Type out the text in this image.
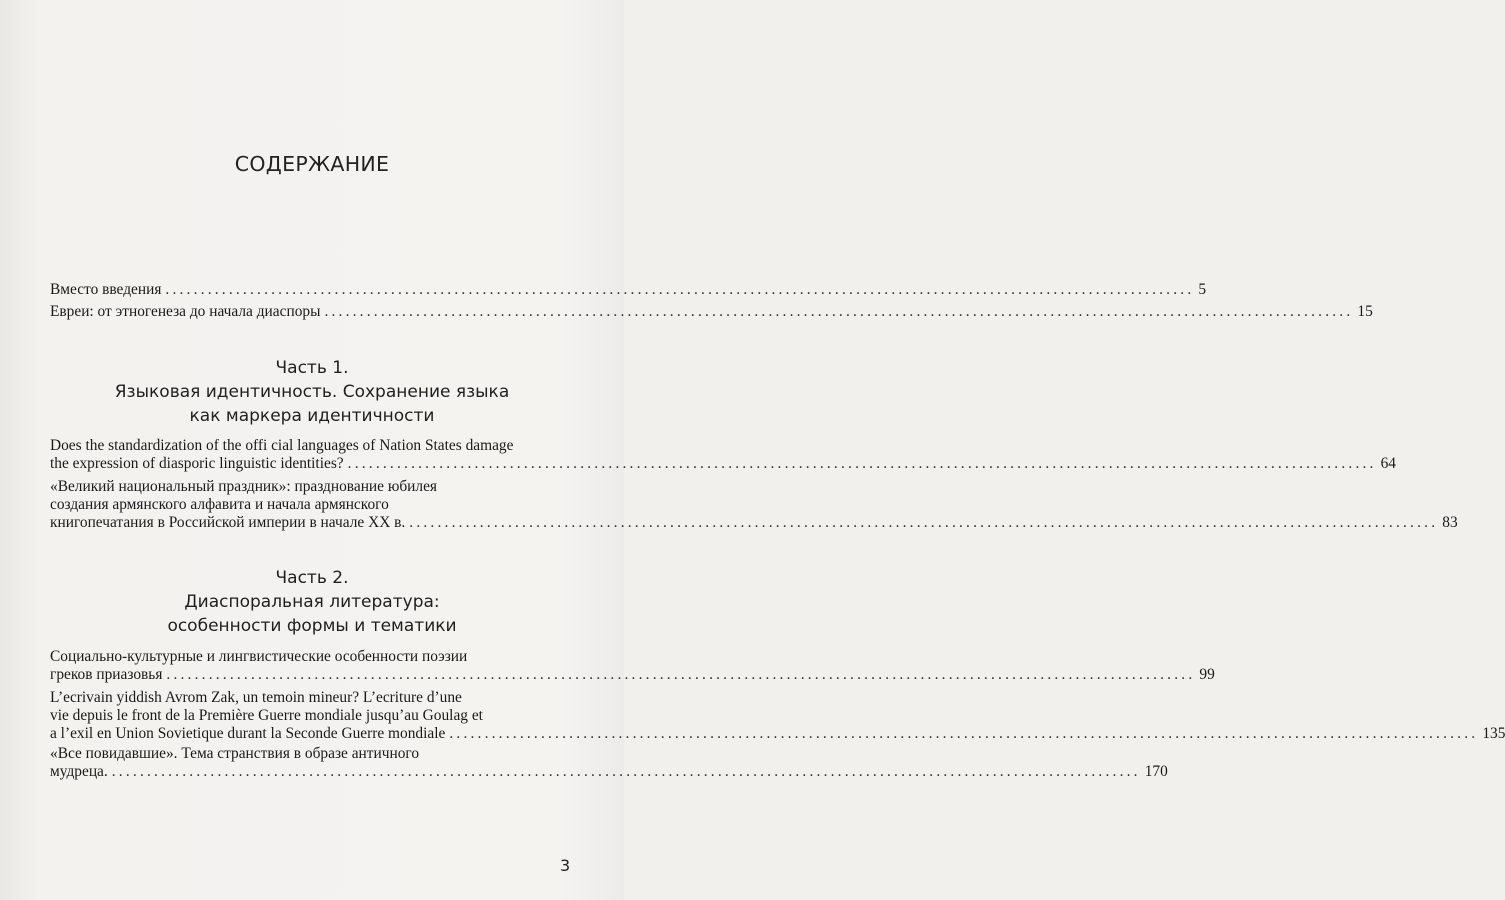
СОДЕРЖАНИЕ
Вместо введения .................................................................................................................................................. 5
Евреи: от этногенеза до начала диаспоры .................................................................................................................................................. 15
Часть 1.
Языковая идентичность. Сохранение языка
как маркера идентичности
Does the standardization of the offi cial languages of Nation States damage
the expression of diasporic linguistic identities? .................................................................................................................................................. 64
«Великий национальный праздник»: празднование юбилея
создания армянского алфавита и начала армянского
книгопечатания в Российской империи в начале XX в. .................................................................................................................................................. 83
Часть 2.
Диаспоральная литература:
особенности формы и тематики
Социально-культурные и лингвистические особенности поэзии
греков приазовья .................................................................................................................................................. 99
L’ecrivain yiddish Avrom Zak, un temoin mineur? L’ecriture d’une
vie depuis le front de la Première Guerre mondiale jusqu’au Goulag et
a l’exil en Union Sovietique durant la Seconde Guerre mondiale .................................................................................................................................................. 135
«Все повидавшие». Тема странствия в образе античного
мудреца. .................................................................................................................................................. 170
3
